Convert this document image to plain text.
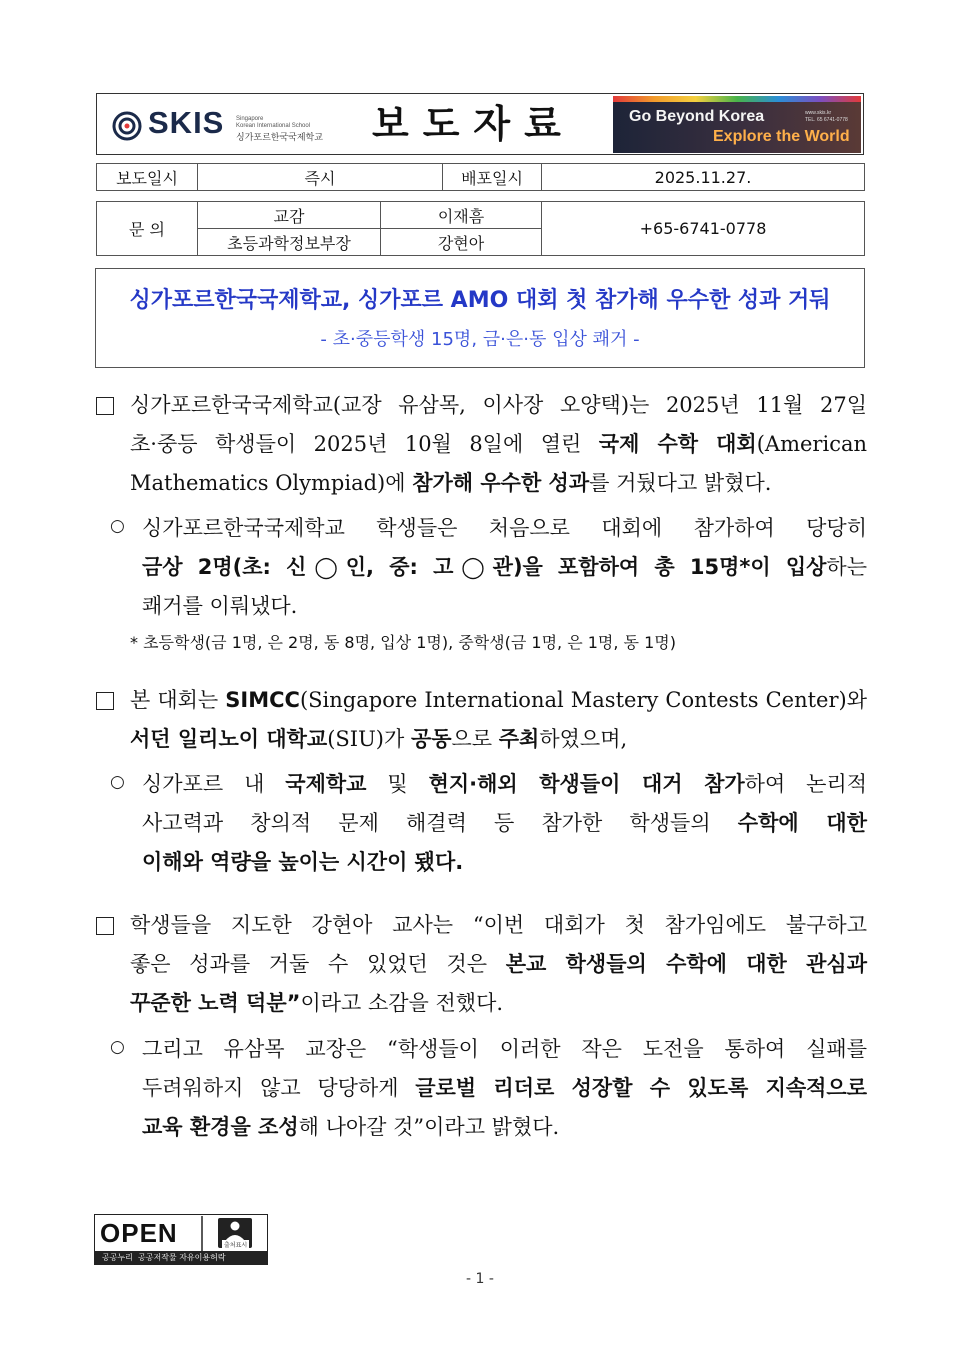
SKIS Singapore
Korean International School
싱가포르한국국제학교 보도자료	Go Beyond Korea
Explore the World
www.skis.kr
TEL. 65 6741-0778
보도일시	즉시	배포일시	2025.11.27.
문 의	교감	이재흠	+65-6741-0778
	초등과학정보부장	강현아	
싱가포르한국국제학교, 싱가포르 AMO 대회 첫 참가해 우수한 성과 거둬
- 초·중등학생 15명, 금·은·동 입상 쾌거 -

싱가포르한국국제학교(교장 유삼목, 이사장 오양택)는 2025년 11월 27일

초·중등 학생들이 2025년 10월 8일에 열린 국제 수학 대회(American

Mathematics Olympiad)에 참가해 우수한 성과를 거뒀다고 밝혔다.

○ 싱가포르한국국제학교 학생들은 처음으로 대회에 참가하여 당당히

금상 2명(초: 신◯인, 중: 고◯관)을 포함하여 총 15명*이 입상하는

쾌거를 이뤄냈다.

* 초등학생(금 1명, 은 2명, 동 8명, 입상 1명), 중학생(금 1명, 은 1명, 동 1명)

본 대회는 SIMCC(Singapore International Mastery Contests Center)와

서던 일리노이 대학교(SIU)가 공동으로 주최하였으며,

○ 싱가포르 내 국제학교 및 현지·해외 학생들이 대거 참가하여 논리적

사고력과 창의적 문제 해결력 등 참가한 학생들의 수학에 대한

이해와 역량을 높이는 시간이 됐다.

학생들을 지도한 강현아 교사는 “이번 대회가 첫 참가임에도 불구하고

좋은 성과를 거둘 수 있었던 것은 본교 학생들의 수학에 대한 관심과

꾸준한 노력 덕분”이라고 소감을 전했다.

○ 그리고 유삼목 교장은 “학생들이 이러한 작은 도전을 통하여 실패를

두려워하지 않고 당당하게 글로벌 리더로 성장할 수 있도록 지속적으로

교육 환경을 조성해 나아갈 것”이라고 밝혔다.

OPEN	출처표시
공공누리 공공저작물 자유이용허락
- 1 -
